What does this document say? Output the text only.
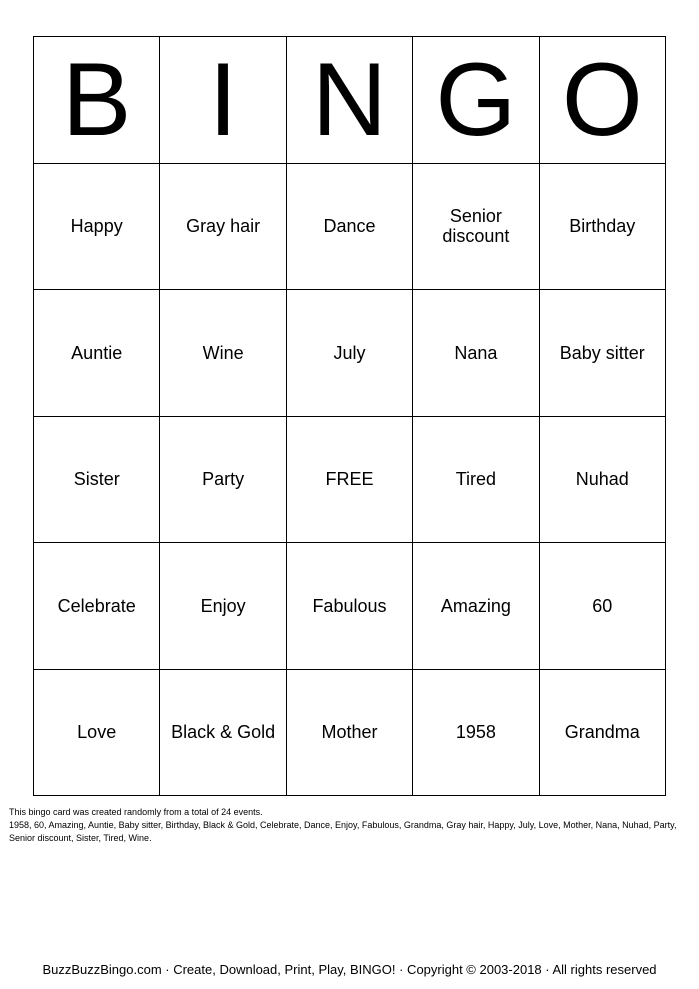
B	I	N	G	O
Happy	Gray hair	Dance	Senior discount	Birthday
Auntie	Wine	July	Nana	Baby sitter
Sister	Party	FREE	Tired	Nuhad
Celebrate	Enjoy	Fabulous	Amazing	60
Love	Black & Gold	Mother	1958	Grandma

This bingo card was created randomly from a total of 24 events.

1958, 60, Amazing, Auntie, Baby sitter, Birthday, Black & Gold, Celebrate, Dance, Enjoy, Fabulous, Grandma, Gray hair, Happy, July, Love, Mother, Nana, Nuhad, Party, Senior discount, Sister, Tired, Wine.

BuzzBuzzBingo.com · Create, Download, Print, Play, BINGO! · Copyright © 2003-2018 · All rights reserved
